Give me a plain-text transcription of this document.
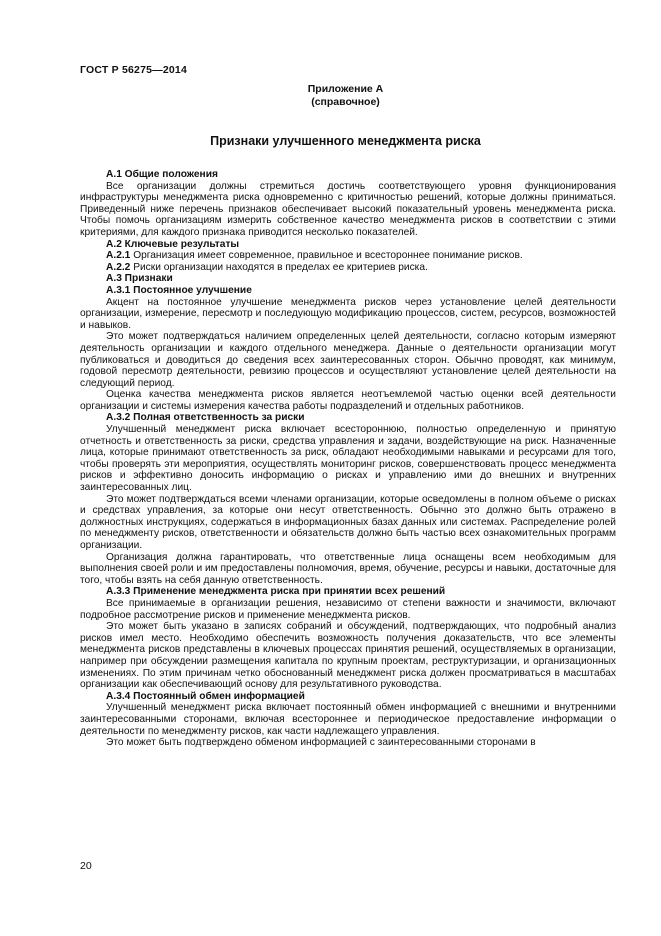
ГОСТ Р 56275—2014
Приложение А
(справочное)
Признаки улучшенного менеджмента риска

А.1 Общие положения

Все организации должны стремиться достичь соответствующего уровня функционирования инфраструктуры менеджмента риска одновременно с критичностью решений, которые должны приниматься. Приведенный ниже перечень признаков обеспечивает высокий показательный уровень менеджмента риска. Чтобы помочь организациям измерить собственное качество менеджмента рисков в соответствии с этими критериями, для каждого признака приводится несколько показателей.

А.2 Ключевые результаты

А.2.1 Организация имеет современное, правильное и всестороннее понимание рисков.

А.2.2 Риски организации находятся в пределах ее критериев риска.

А.3 Признаки

А.3.1 Постоянное улучшение

Акцент на постоянное улучшение менеджмента рисков через установление целей деятельности организации, измерение, пересмотр и последующую модификацию процессов, систем, ресурсов, возможностей и навыков.

Это может подтверждаться наличием определенных целей деятельности, согласно которым измеряют деятельность организации и каждого отдельного менеджера. Данные о деятельности организации могут публиковаться и доводиться до сведения всех заинтересованных сторон. Обычно проводят, как минимум, годовой пересмотр деятельности, ревизию процессов и осуществляют установление целей деятельности на следующий период.

Оценка качества менеджмента рисков является неотъемлемой частью оценки всей деятельности организации и системы измерения качества работы подразделений и отдельных работников.

А.3.2 Полная ответственность за риски

Улучшенный менеджмент риска включает всестороннюю, полностью определенную и принятую отчетность и ответственность за риски, средства управления и задачи, воздействующие на риск. Назначенные лица, которые принимают ответственность за риск, обладают необходимыми навыками и ресурсами для того, чтобы проверять эти мероприятия, осуществлять мониторинг рисков, совершенствовать процесс менеджмента рисков и эффективно доносить информацию о рисках и управлению ими до внешних и внутренних заинтересованных лиц.

Это может подтверждаться всеми членами организации, которые осведомлены в полном объеме о рисках и средствах управления, за которые они несут ответственность. Обычно это должно быть отражено в должностных инструкциях, содержаться в информационных базах данных или системах. Распределение ролей по менеджменту рисков, ответственности и обязательств должно быть частью всех ознакомительных программ организации.

Организация должна гарантировать, что ответственные лица оснащены всем необходимым для выполнения своей роли и им предоставлены полномочия, время, обучение, ресурсы и навыки, достаточные для того, чтобы взять на себя данную ответственность.

А.3.3 Применение менеджмента риска при принятии всех решений

Все принимаемые в организации решения, независимо от степени важности и значимости, включают подробное рассмотрение рисков и применение менеджмента рисков.

Это может быть указано в записях собраний и обсуждений, подтверждающих, что подробный анализ рисков имел место. Необходимо обеспечить возможность получения доказательств, что все элементы менеджмента рисков представлены в ключевых процессах принятия решений, осуществляемых в организации, например при обсуждении размещения капитала по крупным проектам, реструктуризации, и организационных изменениях. По этим причинам четко обоснованный менеджмент риска должен просматриваться в масштабах организации как обеспечивающий основу для результативного руководства.

А.3.4 Постоянный обмен информацией

Улучшенный менеджмент риска включает постоянный обмен информацией с внешними и внутренними заинтересованными сторонами, включая всестороннее и периодическое предоставление информации о деятельности по менеджменту рисков, как части надлежащего управления.

Это может быть подтверждено обменом информацией с заинтересованными сторонами в

20
